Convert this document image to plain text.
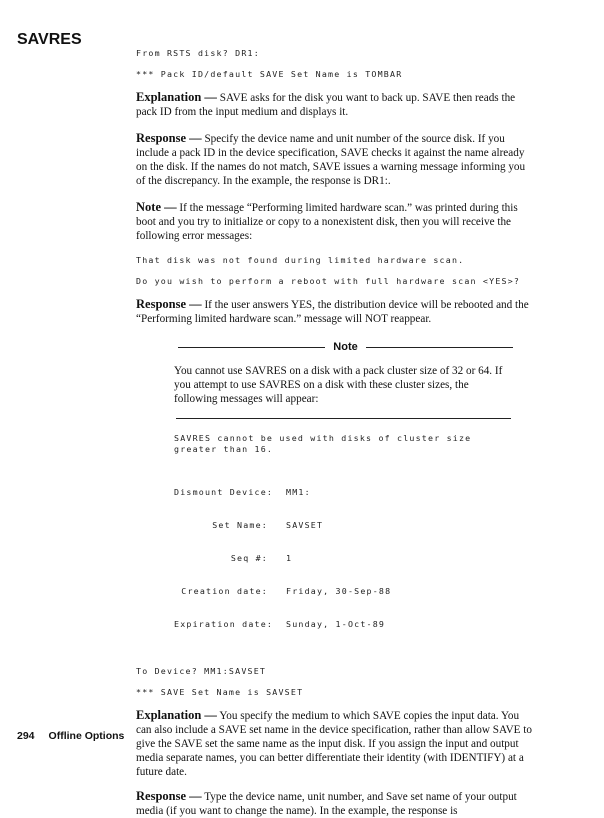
SAVRES
From RSTS disk? DR1:
*** Pack ID/default SAVE Set Name is TOMBAR
Explanation — SAVE asks for the disk you want to back up. SAVE then reads the pack ID from the input medium and displays it.
Response — Specify the device name and unit number of the source disk. If you include a pack ID in the device specification, SAVE checks it against the name already on the disk. If the names do not match, SAVE issues a warning message informing you of the discrepancy. In the example, the response is DR1:.
Note — If the message “Performing limited hardware scan.” was printed during this boot and you try to initialize or copy to a nonexistent disk, then you will receive the following error messages:
That disk was not found during limited hardware scan.
Do you wish to perform a reboot with full hardware scan <YES>?
Response — If the user answers YES, the distribution device will be rebooted and the “Performing limited hardware scan.” message will NOT reappear.
Note
You cannot use SAVRES on a disk with a pack cluster size of 32 or 64. If you attempt to use SAVRES on a disk with these cluster sizes, the following messages will appear:
SAVRES cannot be used with disks of cluster size
greater than 16.

Dismount Device: MM1:

Set Name: SAVSET

Seq #: 1

Creation date: Friday, 30-Sep-88

Expiration date: Sunday, 1-Oct-89

To Device? MM1:SAVSET
*** SAVE Set Name is SAVSET
Explanation — You specify the medium to which SAVE copies the input data. You can also include a SAVE set name in the device specification, rather than allow SAVE to give the SAVE set the same name as the input disk. If you assign the input and output media separate names, you can better differentiate their identity (with IDENTIFY) at a future date.
Response — Type the device name, unit number, and Save set name of your output media (if you want to change the name). In the example, the response is
294 Offline Options
